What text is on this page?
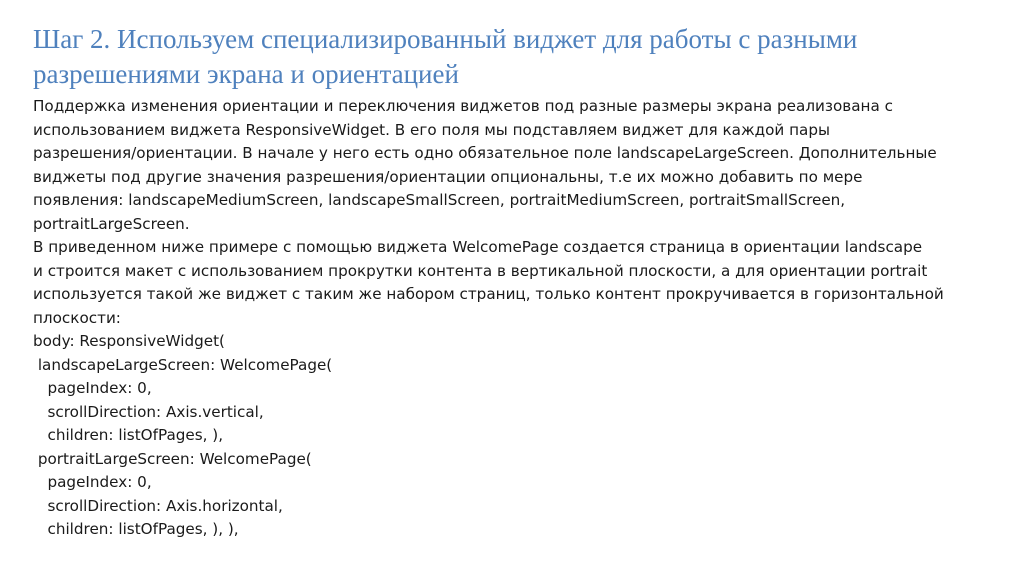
Шаг 2. Используем специализированный виджет для работы с разными
разрешениями экрана и ориентацией
Поддержка изменения ориентации и переключения виджетов под разные размеры экрана реализована с
использованием виджета ResponsiveWidget. В его поля мы подставляем виджет для каждой пары
разрешения/ориентации. В начале у него есть одно обязательное поле landscapeLargeScreen. Дополнительные
виджеты под другие значения разрешения/ориентации опциональны, т.е их можно добавить по мере
появления: landscapeMediumScreen, landscapeSmallScreen, portraitMediumScreen, portraitSmallScreen,
portraitLargeScreen.
В приведенном ниже примере с помощью виджета WelcomePage создается страница в ориентации landscape
и строится макет с использованием прокрутки контента в вертикальной плоскости, а для ориентации portrait
используется такой же виджет с таким же набором страниц, только контент прокручивается в горизонтальной
плоскости:
body: ResponsiveWidget(
landscapeLargeScreen: WelcomePage(
pageIndex: 0,
scrollDirection: Axis.vertical,
children: listOfPages, ),
portraitLargeScreen: WelcomePage(
pageIndex: 0,
scrollDirection: Axis.horizontal,
children: listOfPages, ), ),
